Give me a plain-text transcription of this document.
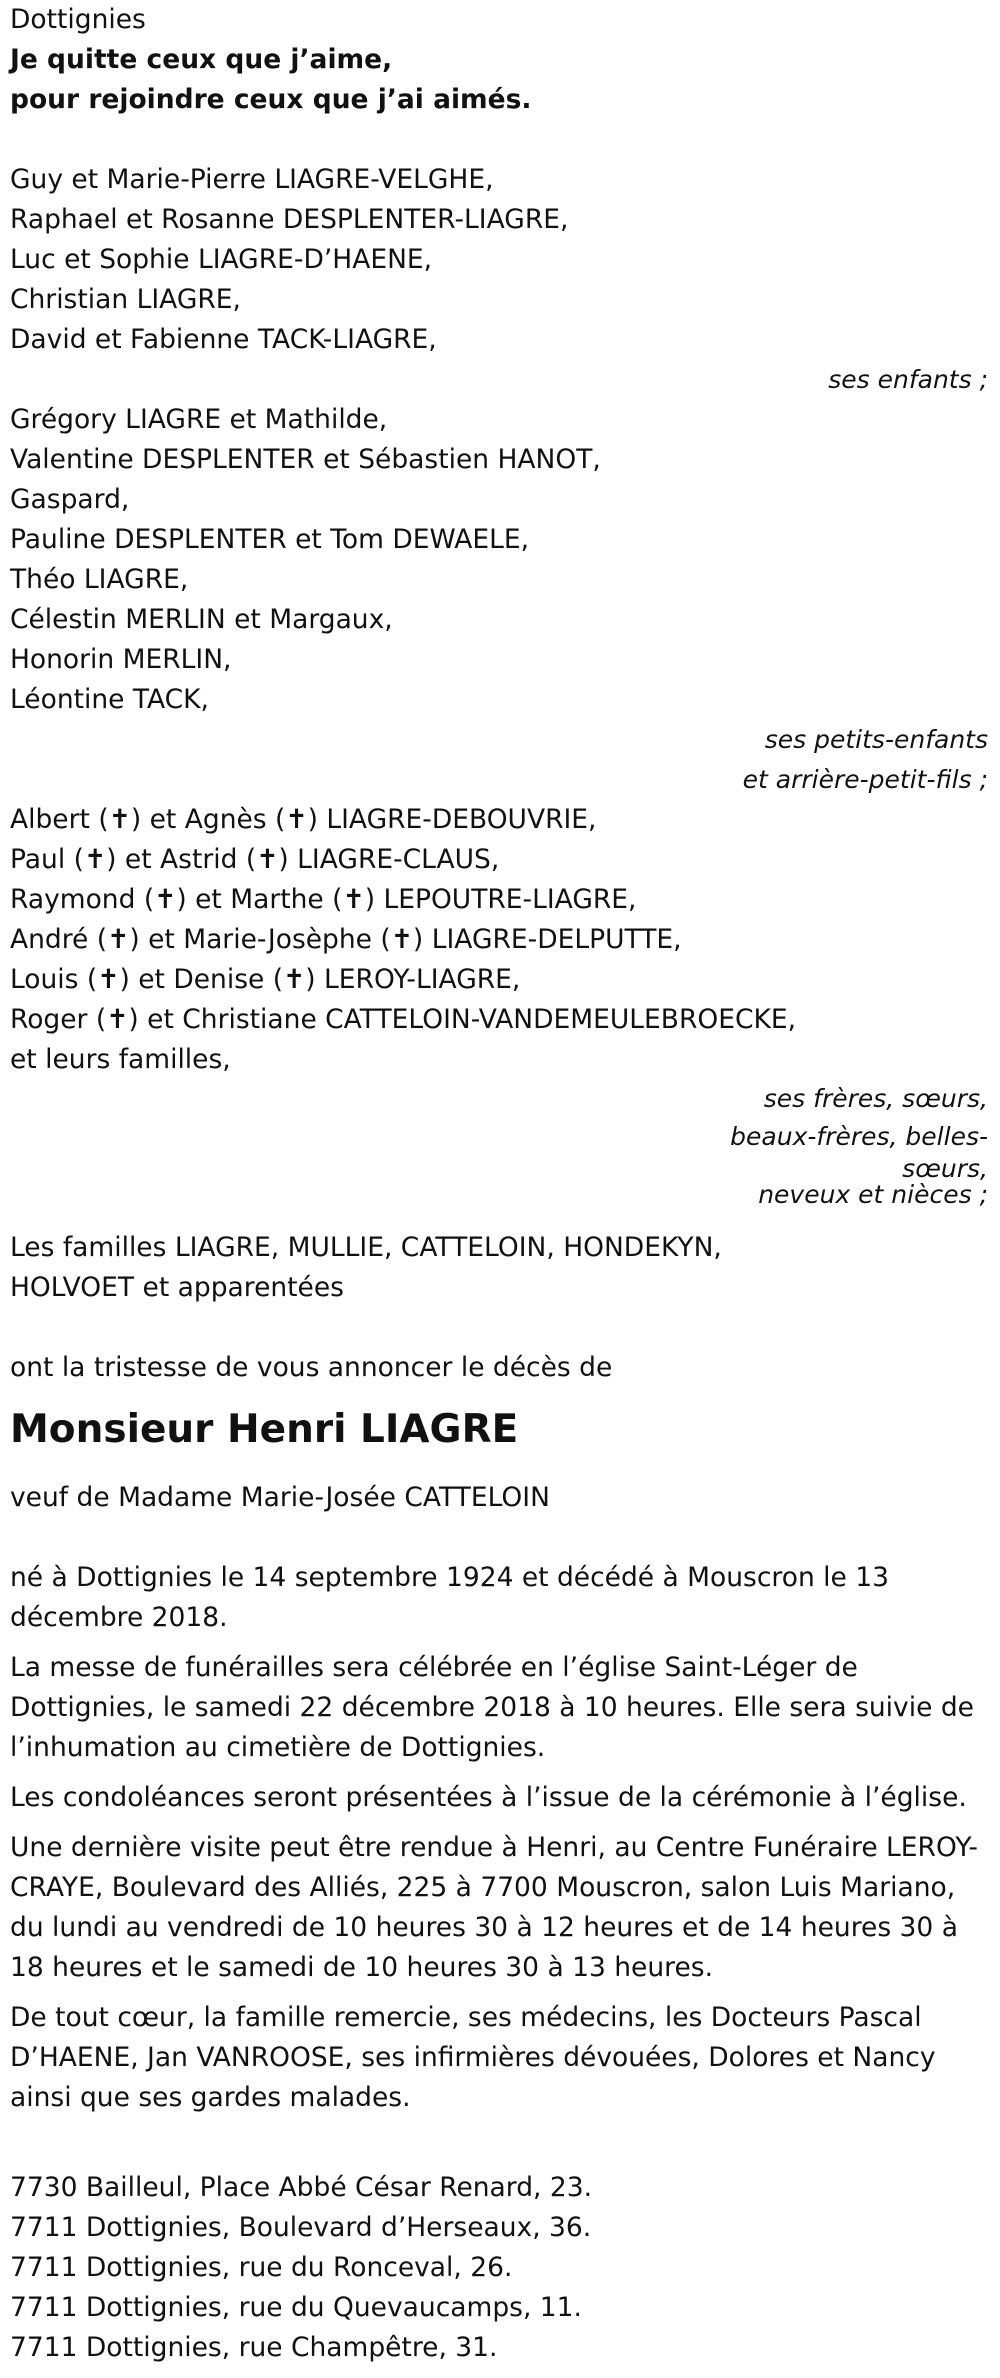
Dottignies
Je quitte ceux que j’aime,
pour rejoindre ceux que j’ai aimés.
Guy et Marie-Pierre LIAGRE-VELGHE,
Raphael et Rosanne DESPLENTER-LIAGRE,
Luc et Sophie LIAGRE-D’HAENE,
Christian LIAGRE,
David et Fabienne TACK-LIAGRE,
ses enfants ;
Grégory LIAGRE et Mathilde,
Valentine DESPLENTER et Sébastien HANOT,
Gaspard,
Pauline DESPLENTER et Tom DEWAELE,
Théo LIAGRE,
Célestin MERLIN et Margaux,
Honorin MERLIN,
Léontine TACK,
ses petits-enfants
et arrière-petit-fils ;
Albert (✝) et Agnès (✝) LIAGRE-DEBOUVRIE,
Paul (✝) et Astrid (✝) LIAGRE-CLAUS,
Raymond (✝) et Marthe (✝) LEPOUTRE-LIAGRE,
André (✝) et Marie-Josèphe (✝) LIAGRE-DELPUTTE,
Louis (✝) et Denise (✝) LEROY-LIAGRE,
Roger (✝) et Christiane CATTELOIN-VANDEMEULEBROECKE,
et leurs familles,
ses frères, sœurs,
beaux-frères, belles-
sœurs,
neveux et nièces ;
Les familles LIAGRE, MULLIE, CATTELOIN, HONDEKYN,
HOLVOET et apparentées
ont la tristesse de vous annoncer le décès de
Monsieur Henri LIAGRE
veuf de Madame Marie-Josée CATTELOIN
né à Dottignies le 14 septembre 1924 et décédé à Mouscron le 13 décembre 2018.
La messe de funérailles sera célébrée en l’église Saint-Léger de Dottignies, le samedi 22 décembre 2018 à 10 heures. Elle sera suivie de l’inhumation au cimetière de Dottignies.
Les condoléances seront présentées à l’issue de la cérémonie à l’église.
Une dernière visite peut être rendue à Henri, au Centre Funéraire LEROY-CRAYE, Boulevard des Alliés, 225 à 7700 Mouscron, salon Luis Mariano, du lundi au vendredi de 10 heures 30 à 12 heures et de 14 heures 30 à 18 heures et le samedi de 10 heures 30 à 13 heures.
De tout cœur, la famille remercie, ses médecins, les Docteurs Pascal D’HAENE, Jan VANROOSE, ses infirmières dévouées, Dolores et Nancy ainsi que ses gardes malades.
7730 Bailleul, Place Abbé César Renard, 23.
7711 Dottignies, Boulevard d’Herseaux, 36.
7711 Dottignies, rue du Ronceval, 26.
7711 Dottignies, rue du Quevaucamps, 11.
7711 Dottignies, rue Champêtre, 31.
